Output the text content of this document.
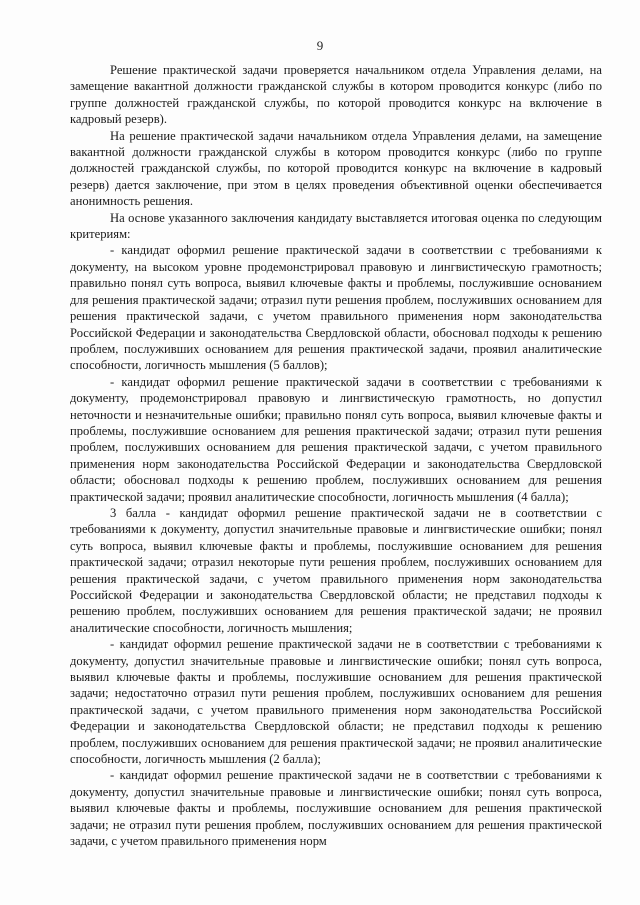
9

Решение практической задачи проверяется начальником отдела Управления делами, на замещение вакантной должности гражданской службы в котором проводится конкурс (либо по группе должностей гражданской службы, по которой проводится конкурс на включение в кадровый резерв).

На решение практической задачи начальником отдела Управления делами, на замещение вакантной должности гражданской службы в котором проводится конкурс (либо по группе должностей гражданской службы, по которой проводится конкурс на включение в кадровый резерв) дается заключение, при этом в целях проведения объективной оценки обеспечивается анонимность решения.

На основе указанного заключения кандидату выставляется итоговая оценка по следующим критериям:

- кандидат оформил решение практической задачи в соответствии с требованиями к документу, на высоком уровне продемонстрировал правовую и лингвистическую грамотность; правильно понял суть вопроса, выявил ключевые факты и проблемы, послужившие основанием для решения практической задачи; отразил пути решения проблем, послуживших основанием для решения практической задачи, с учетом правильного применения норм законодательства Российской Федерации и законодательства Свердловской области, обосновал подходы к решению проблем, послуживших основанием для решения практической задачи, проявил аналитические способности, логичность мышления (5 баллов);

- кандидат оформил решение практической задачи в соответствии с требованиями к документу, продемонстрировал правовую и лингвистическую грамотность, но допустил неточности и незначительные ошибки; правильно понял суть вопроса, выявил ключевые факты и проблемы, послужившие основанием для решения практической задачи; отразил пути решения проблем, послуживших основанием для решения практической задачи, с учетом правильного применения норм законодательства Российской Федерации и законодательства Свердловской области; обосновал подходы к решению проблем, послуживших основанием для решения практической задачи; проявил аналитические способности, логичность мышления (4 балла);

3 балла - кандидат оформил решение практической задачи не в соответствии с требованиями к документу, допустил значительные правовые и лингвистические ошибки; понял суть вопроса, выявил ключевые факты и проблемы, послужившие основанием для решения практической задачи; отразил некоторые пути решения проблем, послуживших основанием для решения практической задачи, с учетом правильного применения норм законодательства Российской Федерации и законодательства Свердловской области; не представил подходы к решению проблем, послуживших основанием для решения практической задачи; не проявил аналитические способности, логичность мышления;

- кандидат оформил решение практической задачи не в соответствии с требованиями к документу, допустил значительные правовые и лингвистические ошибки; понял суть вопроса, выявил ключевые факты и проблемы, послужившие основанием для решения практической задачи; недостаточно отразил пути решения проблем, послуживших основанием для решения практической задачи, с учетом правильного применения норм законодательства Российской Федерации и законодательства Свердловской области; не представил подходы к решению проблем, послуживших основанием для решения практической задачи; не проявил аналитические способности, логичность мышления (2 балла);

- кандидат оформил решение практической задачи не в соответствии с требованиями к документу, допустил значительные правовые и лингвистические ошибки; понял суть вопроса, выявил ключевые факты и проблемы, послужившие основанием для решения практической задачи; не отразил пути решения проблем, послуживших основанием для решения практической задачи, с учетом правильного применения норм
